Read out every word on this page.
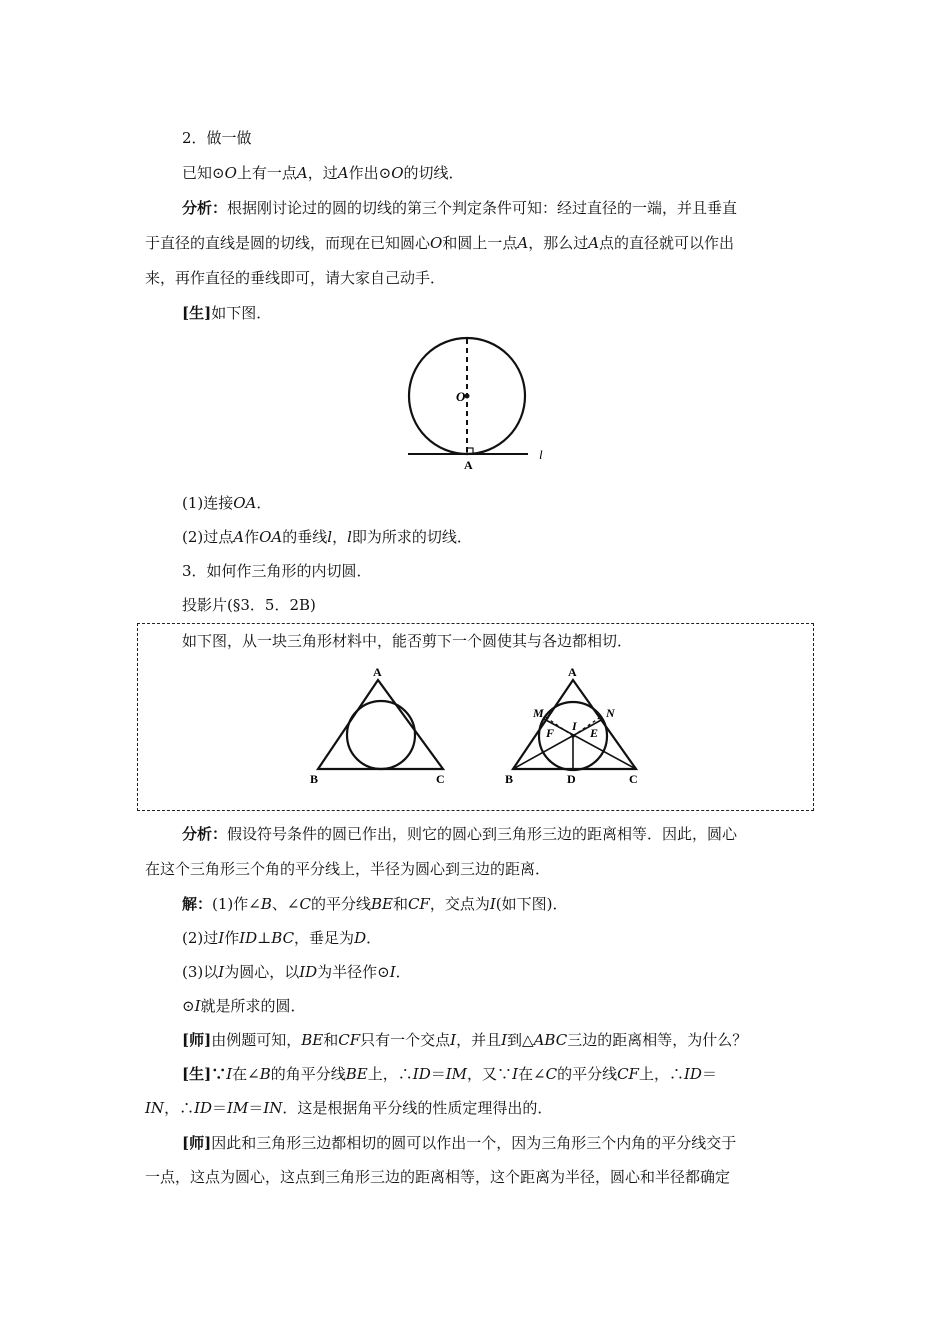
2．做一做
已知⊙O上有一点A，过A作出⊙O的切线．
分析：根据刚讨论过的圆的切线的第三个判定条件可知：经过直径的一端，并且垂直
于直径的直线是圆的切线，而现在已知圆心O和圆上一点A，那么过A点的直径就可以作出
来，再作直径的垂线即可，请大家自己动手．
[生]如下图．
O
A
l
(1)连接OA．
(2)过点A作OA的垂线l，l即为所求的切线．
3．如何作三角形的内切圆．
投影片(§3．5．2B)
如下图，从一块三角形材料中，能否剪下一个圆使其与各边都相切．
A
B	C
A
B	C
M	N
F I E
D
分析：假设符号条件的圆已作出，则它的圆心到三角形三边的距离相等．因此，圆心
在这个三角形三个角的平分线上，半径为圆心到三边的距离．
解：(1)作∠B、∠C的平分线BE和CF，交点为I(如下图)．
(2)过I作ID⊥BC，垂足为D．
(3)以I为圆心，以ID为半径作⊙I．
⊙I就是所求的圆．
[师]由例题可知，BE和CF只有一个交点I，并且I到△ABC三边的距离相等，为什么？
[生]∵I在∠B的角平分线BE上，∴ID＝IM，又∵I在∠C的平分线CF上，∴ID＝
IN，∴ID＝IM＝IN．这是根据角平分线的性质定理得出的．
[师]因此和三角形三边都相切的圆可以作出一个，因为三角形三个内角的平分线交于
一点，这点为圆心，这点到三角形三边的距离相等，这个距离为半径，圆心和半径都确定
